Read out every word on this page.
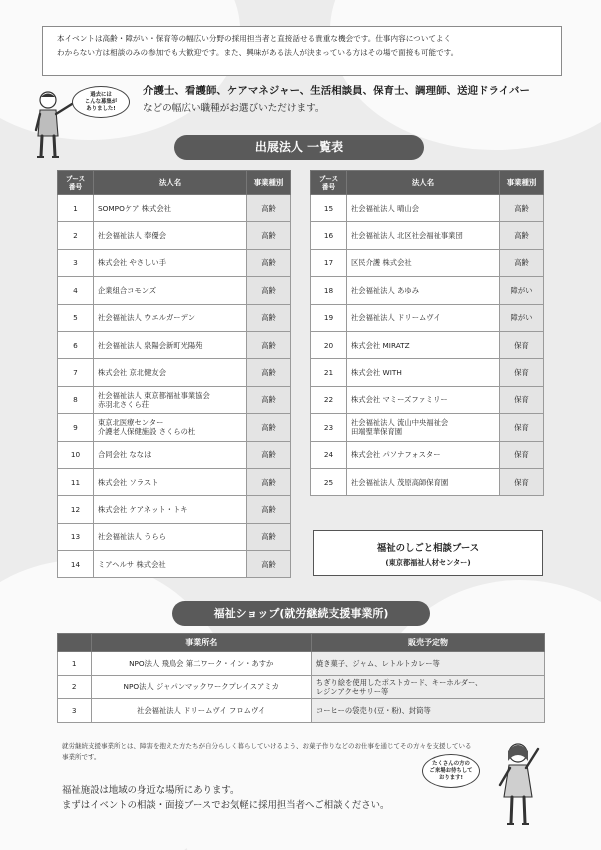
本イベントは高齢・障がい・保育等の幅広い分野の採用担当者と直接話せる貴重な機会です。仕事内容についてよく
わからない方は相談のみの参加でも大歓迎です。また、興味がある法人が決まっている方はその場で面接も可能です。
過去には
こんな募集が
ありました!
介護士、看護師、ケアマネジャー、生活相談員、保育士、調理師、送迎ドライバー
などの幅広い職種がお選びいただけます。
出展法人 一覧表
ブース
番号	法人名	事業種別
1	SOMPOケア 株式会社	高齢
2	社会福祉法人 奉優会	高齢
3	株式会社 やさしい手	高齢
4	企業組合コモンズ	高齢
5	社会福祉法人 ウエルガーデン	高齢
6	社会福祉法人 泉陽会新町光陽苑	高齢
7	株式会社 京北健友会	高齢
8	社会福祉法人 東京都福祉事業協会
赤羽北さくら荘	高齢
9	東京北医療センター
介護老人保健施設 さくらの杜	高齢
10	合同会社 ななは	高齢
11	株式会社 ソラスト	高齢
12	株式会社 ケアネット・トキ	高齢
13	社会福祉法人 うらら	高齢
14	ミアヘルサ 株式会社	高齢
ブース
番号	法人名	事業種別
15	社会福祉法人 晴山会	高齢
16	社会福祉法人 北区社会福祉事業団	高齢
17	区民介護 株式会社	高齢
18	社会福祉法人 あゆみ	障がい
19	社会福祉法人 ドリームヴイ	障がい
20	株式会社 MIRATZ	保育
21	株式会社 WITH	保育
22	株式会社 マミーズファミリー	保育
23	社会福祉法人 流山中央福祉会
田端聖華保育園	保育
24	株式会社 パソナフォスター	保育
25	社会福祉法人 茂原高師保育園	保育
福祉のしごと相談ブース
(東京都福祉人材センター)
福祉ショップ(就労継続支援事業所)
	事業所名	販売予定物
1	NPO法人 飛鳥会 第二ワーク・イン・あすか	焼き菓子、ジャム、レトルトカレー等
2	NPO法人 ジャパンマックワークプレイスアミカ	ちぎり絵を使用したポストカード、キーホルダー、
レジンアクセサリー等
3	社会福祉法人 ドリームヴイ フロムヴイ	コーヒーの袋売り(豆・粉)、封筒等
就労継続支援事業所とは、障害を抱えた方たちが自分らしく暮らしていけるよう、お菓子作りなどのお仕事を通じてその方々を支援している
事業所です。
福祉施設は地域の身近な場所にあります。
まずはイベントの相談・面接ブースでお気軽に採用担当者へご相談ください。
たくさんの方の
ご来場お待ちして
おります!
